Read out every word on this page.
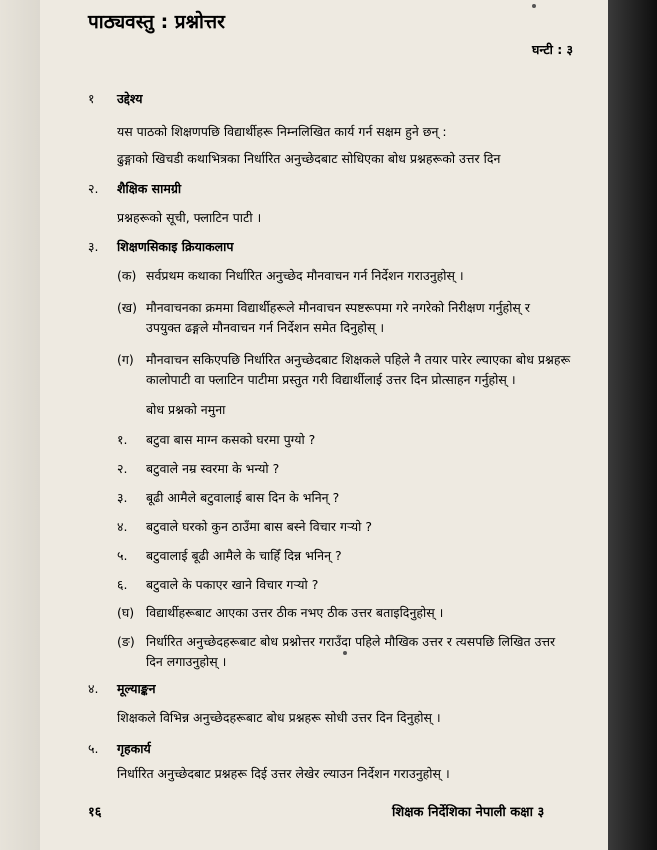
पाठ्यवस्तु : प्रश्नोत्तर
घन्टी : ३
१ उद्देश्य
यस पाठको शिक्षणपछि विद्यार्थीहरू निम्नलिखित कार्य गर्न सक्षम हुने छन् :
ढुङ्गाको खिचडी कथाभित्रका निर्धारित अनुच्छेदबाट सोधिएका बोध प्रश्नहरूको उत्तर दिन
२. शैक्षिक सामग्री
प्रश्नहरूको सूची, फ्लाटिन पाटी ।
३. शिक्षणसिकाइ क्रियाकलाप
(क) सर्वप्रथम कथाका निर्धारित अनुच्छेद मौनवाचन गर्न निर्देशन गराउनुहोस् ।
(ख) मौनवाचनका क्रममा विद्यार्थीहरूले मौनवाचन स्पष्टरूपमा गरे नगरेको निरीक्षण गर्नुहोस् र
उपयुक्त ढङ्गले मौनवाचन गर्न निर्देशन समेत दिनुहोस् ।
(ग) मौनवाचन सकिएपछि निर्धारित अनुच्छेदबाट शिक्षकले पहिले नै तयार पारेर ल्याएका बोध प्रश्नहरू
कालोपाटी वा फ्लाटिन पाटीमा प्रस्तुत गरी विद्यार्थीलाई उत्तर दिन प्रोत्साहन गर्नुहोस् ।
बोध प्रश्नको नमुना
१. बटुवा बास माग्न कसको घरमा पुग्यो ?
२. बटुवाले नम्र स्वरमा के भन्यो ?
३. बूढी आमैले बटुवालाई बास दिन के भनिन् ?
४. बटुवाले घरको कुन ठाउँमा बास बस्ने विचार गर्‍यो ?
५. बटुवालाई बूढी आमैले के चाहिँ दिन्न भनिन् ?
६. बटुवाले के पकाएर खाने विचार गर्‍यो ?
(घ) विद्यार्थीहरूबाट आएका उत्तर ठीक नभए ठीक उत्तर बताइदिनुहोस् ।
(ङ) निर्धारित अनुच्छेदहरूबाट बोध प्रश्नोत्तर गराउँदा पहिले मौखिक उत्तर र त्यसपछि लिखित उत्तर
दिन लगाउनुहोस् ।
४. मूल्याङ्कन
शिक्षकले विभिन्न अनुच्छेदहरूबाट बोध प्रश्नहरू सोधी उत्तर दिन दिनुहोस् ।
५. गृहकार्य
निर्धारित अनुच्छेदबाट प्रश्नहरू दिई उत्तर लेखेर ल्याउन निर्देशन गराउनुहोस् ।
१६	शिक्षक निर्देशिका नेपाली कक्षा ३
